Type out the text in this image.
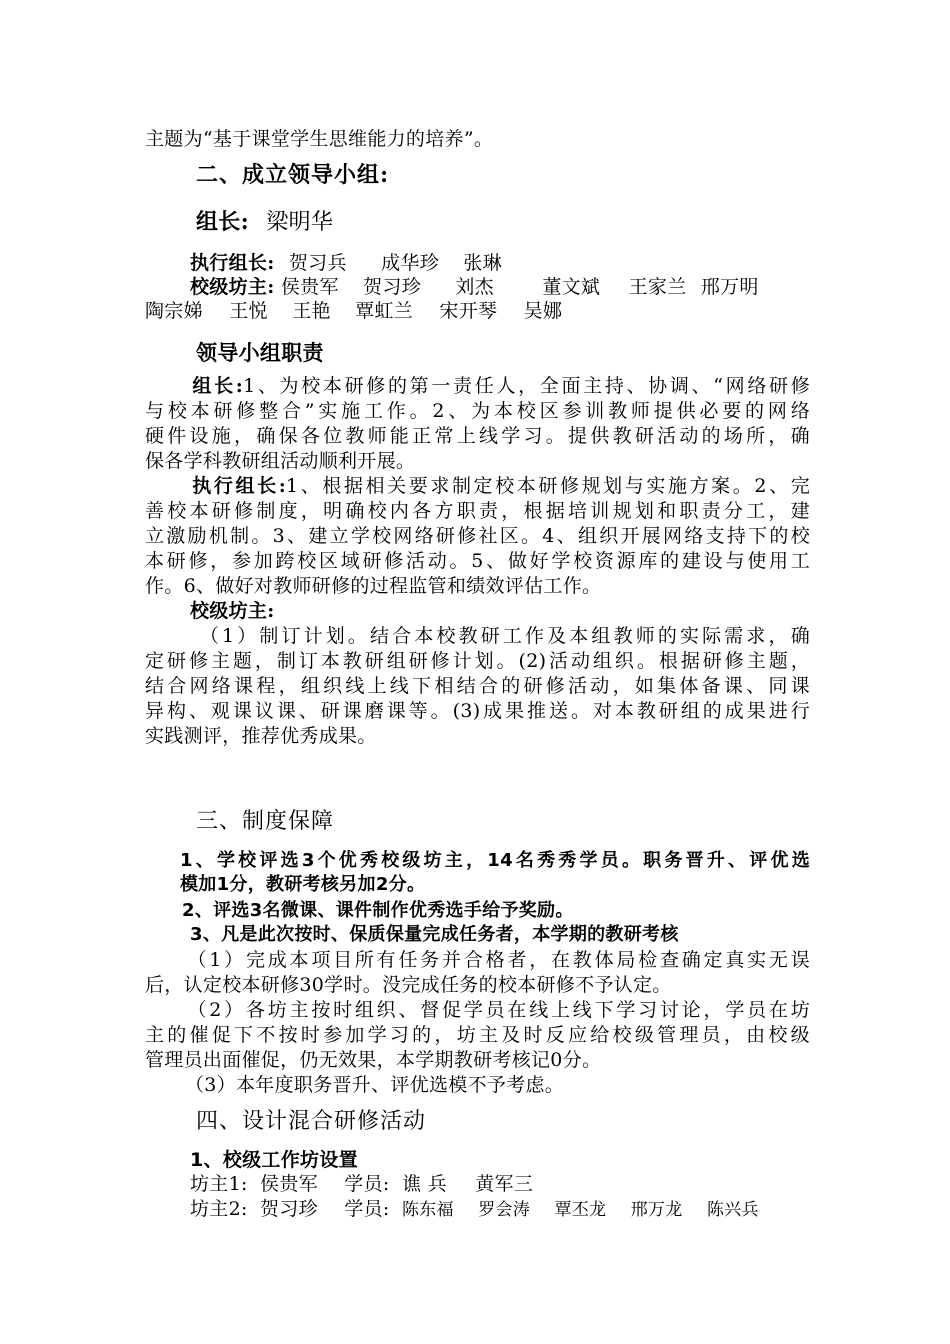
主题为“基于课堂学生思维能力的培养”。
二、成立领导小组:
组长: 梁明华
执行组长: 贺习兵 成华珍 张琳
校级坊主: 侯贵军 贺习珍 刘杰	董文斌 王家兰 邢万明
陶宗娣 王悦 王艳 覃虹兰 宋开琴 吴娜
领导小组职责
组长:1、为校本研修的第一责任人，全面主持、协调、“网络研修
与校本研修整合”实施工作。2、为本校区参训教师提供必要的网络
硬件设施，确保各位教师能正常上线学习。提供教研活动的场所，确
保各学科教研组活动顺利开展。
执行组长:1、根据相关要求制定校本研修规划与实施方案。2、完
善校本研修制度，明确校内各方职责，根据培训规划和职责分工，建
立激励机制。3、建立学校网络研修社区。4、组织开展网络支持下的校
本研修，参加跨校区域研修活动。5、做好学校资源库的建设与使用工
作。6、做好对教师研修的过程监管和绩效评估工作。
校级坊主:
（1）制订计划。结合本校教研工作及本组教师的实际需求，确
定研修主题，制订本教研组研修计划。(2)活动组织。根据研修主题，
结合网络课程，组织线上线下相结合的研修活动，如集体备课、同课
异构、观课议课、研课磨课等。(3)成果推送。对本教研组的成果进行
实践测评，推荐优秀成果。
三、制度保障
1、学校评选3个优秀校级坊主，14名秀秀学员。职务晋升、评优选
模加1分，教研考核另加2分。
2、评选3名微课、课件制作优秀选手给予奖励。
3、凡是此次按时、保质保量完成任务者，本学期的教研考核
（1）完成本项目所有任务并合格者，在教体局检查确定真实无误
后，认定校本研修30学时。没完成任务的校本研修不予认定。
（2）各坊主按时组织、督促学员在线上线下学习讨论，学员在坊
主的催促下不按时参加学习的，坊主及时反应给校级管理员，由校级
管理员出面催促，仍无效果，本学期教研考核记0分。
（3）本年度职务晋升、评优选模不予考虑。
四、设计混合研修活动
1、校级工作坊设置
坊主1: 侯贵军 学员: 谯 兵 黄军三
坊主2: 贺习珍 学员: 陈东福 罗会涛 覃丕龙 邢万龙 陈兴兵
